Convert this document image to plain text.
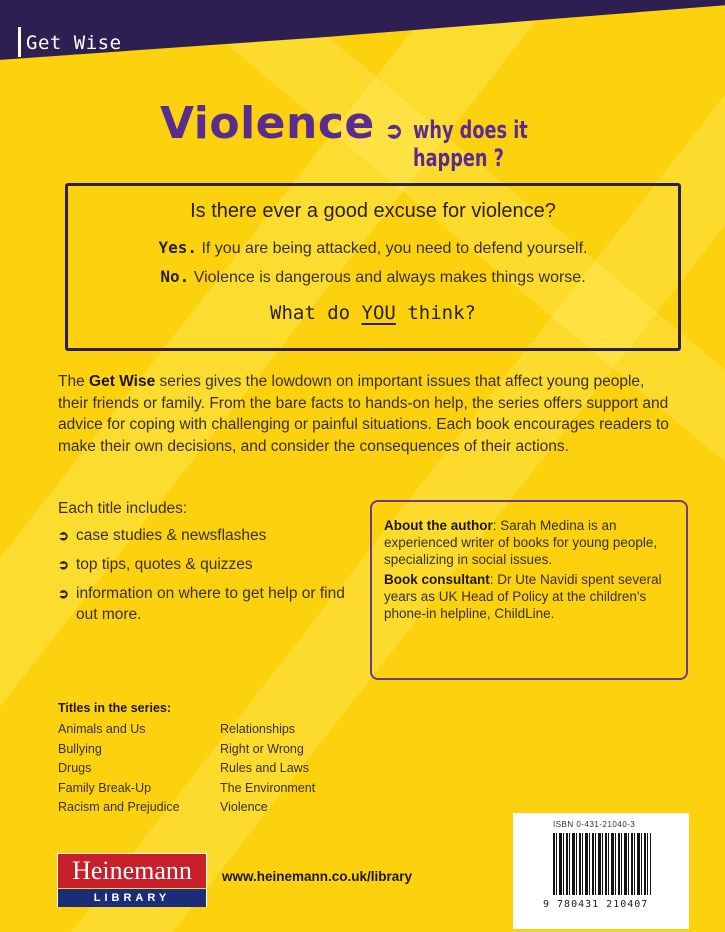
Get Wise
Violence ➲ why does it happen ?
Is there ever a good excuse for violence?
Yes. If you are being attacked, you need to defend yourself.
No. Violence is dangerous and always makes things worse.
What do YOU think?

The Get Wise series gives the lowdown on important issues that affect young people, their friends or family. From the bare facts to hands-on help, the series offers support and advice for coping with challenging or painful situations. Each book encourages readers to make their own decisions, and consider the consequences of their actions.

Each title includes:
➲ case studies & newsflashes
➲ top tips, quotes & quizzes
➲ information on where to get help or find out more.

About the author: Sarah Medina is an experienced writer of books for young people, specializing in social issues.

Book consultant: Dr Ute Navidi spent several years as UK Head of Policy at the children's phone-in helpline, ChildLine.

Titles in the series:
Animals and Us
Bullying
Drugs
Family Break-Up
Racism and Prejudice
Relationships
Right or Wrong
Rules and Laws
The Environment
Violence
ISBN 0-431-21040-3
9 780431 210407
Heinemann
LIBRARY
www.heinemann.co.uk/library
